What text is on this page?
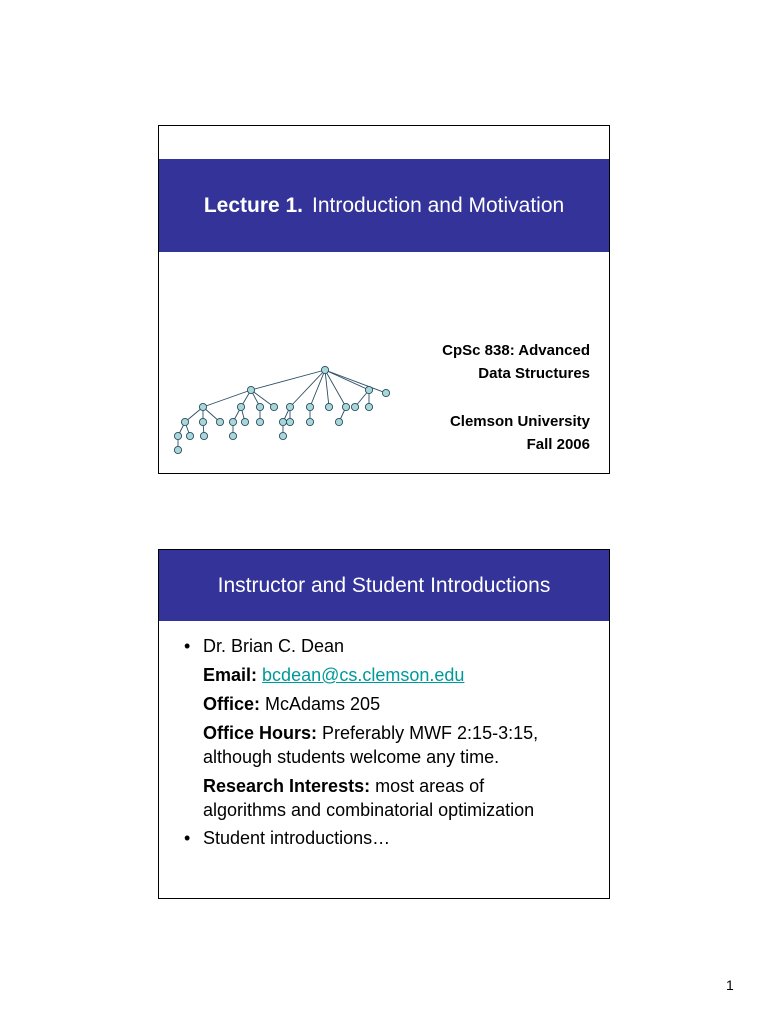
Lecture 1. Introduction and Motivation
CpSc 838: Advanced
Data Structures
Clemson University
Fall 2006
Instructor and Student Introductions
• Dr. Brian C. Dean
Email: bcdean@cs.clemson.edu
Office: McAdams 205
Office Hours: Preferably MWF 2:15-3:15,
although students welcome any time.
Research Interests: most areas of
algorithms and combinatorial optimization
• Student introductions…
1
